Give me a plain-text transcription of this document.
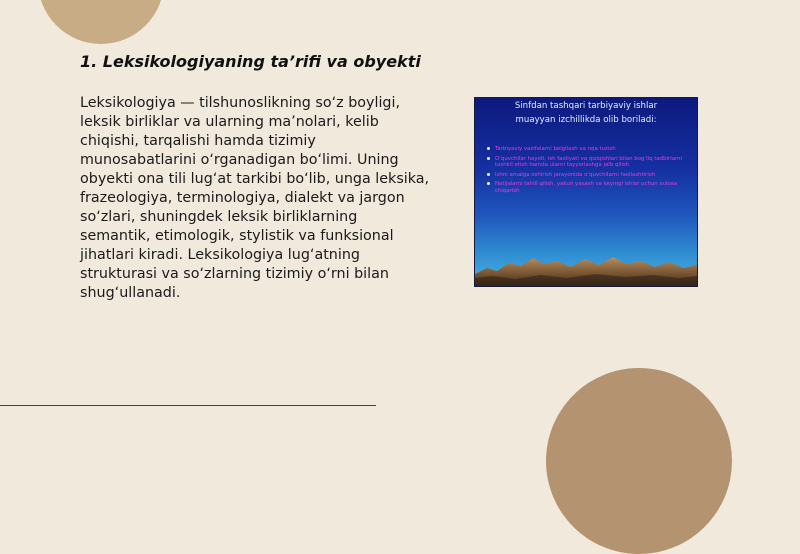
1. Leksikologiyaning ta’rifi va obyekti

Leksikologiya — tilshunoslikning so‘z boyligi, leksik birliklar va ularning ma’nolari, kelib chiqishi, tarqalishi hamda tizimiy munosabatlarini o‘rganadigan bo‘limi. Uning obyekti ona tili lug‘at tarkibi bo‘lib, unga leksika, frazeologiya, terminologiya, dialekt va jargon so‘zlari, shuningdek leksik birliklarning semantik, etimologik, stylistik va funksional jihatlari kiradi. Leksikologiya lug‘atning strukturasi va so‘zlarning tizimiy o‘rni bilan shug‘ullanadi.

Sinfdan tashqari tarbiyaviy ishlar
muayyan izchillikda olib boriladi:
Tarbiyaviy vazifalarni belgilash va reja tuzish
O‘quvchilar hayoti, ish faoliyati va qiziqishlari bilan bog‘liq tadbirlarni tashkil etish hamda ularni tayyorlashga jalb qilish
Ishni amalga oshirish jarayonida o‘quvchilarni faollashtirish
Natijalarni tahlil qilish, yakun yasash va keyingi ishlar uchun xulosa chiqarish
